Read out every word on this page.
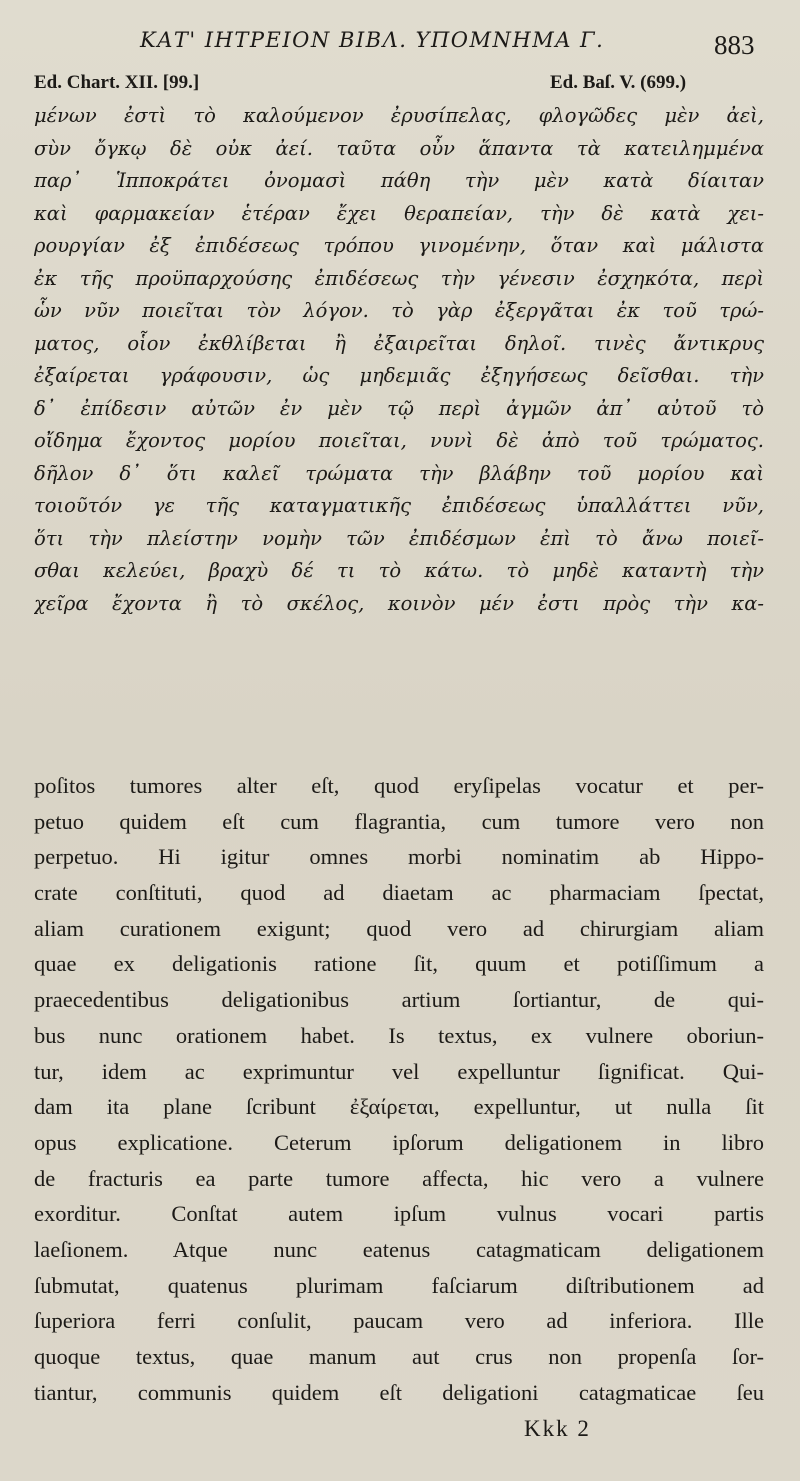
ΚΑΤ' ΙΗΤΡΕΙΟΝ ΒΙΒΛ. ΥΠΟΜΝΗΜΑ Γ.	883
Ed. Chart. XII. [99.]	Ed. Baſ. V. (699.)
μένων ἐστὶ τὸ καλούμενον ἐρυσίπελας, φλογῶδες μὲν ἀεὶ,
σὺν ὄγκῳ δὲ οὐκ ἀεί. ταῦτα οὖν ἅπαντα τὰ κατειλημμένα
παρ᾽ Ἱπποκράτει ὀνομασὶ πάθη τὴν μὲν κατὰ δίαιταν
καὶ φαρμακείαν ἑτέραν ἔχει θεραπείαν, τὴν δὲ κατὰ χει-
ρουργίαν ἐξ ἐπιδέσεως τρόπου γινομένην, ὅταν καὶ μάλιστα
ἐκ τῆς προϋπαρχούσης ἐπιδέσεως τὴν γένεσιν ἐσχηκότα, περὶ
ὧν νῦν ποιεῖται τὸν λόγον. τὸ γὰρ ἐξεργᾶται ἐκ τοῦ τρώ-
ματος, οἷον ἐκθλίβεται ἢ ἐξαιρεῖται δηλοῖ. τινὲς ἄντικρυς
ἐξαίρεται γράφουσιν, ὡς μηδεμιᾶς ἐξηγήσεως δεῖσθαι. τὴν
δ᾽ ἐπίδεσιν αὐτῶν ἐν μὲν τῷ περὶ ἀγμῶν ἀπ᾽ αὐτοῦ τὸ
οἴδημα ἔχοντος μορίου ποιεῖται, νυνὶ δὲ ἀπὸ τοῦ τρώματος.
δῆλον δ᾽ ὅτι καλεῖ τρώματα τὴν βλάβην τοῦ μορίου καὶ
τοιοῦτόν γε τῆς καταγματικῆς ἐπιδέσεως ὑπαλλάττει νῦν,
ὅτι τὴν πλείστην νομὴν τῶν ἐπιδέσμων ἐπὶ τὸ ἄνω ποιεῖ-
σθαι κελεύει, βραχὺ δέ τι τὸ κάτω. τὸ μηδὲ καταντὴ τὴν
χεῖρα ἔχοντα ἢ τὸ σκέλος, κοινὸν μέν ἐστι πρὸς τὴν κα-
poſitos tumores alter eſt, quod eryſipelas vocatur et per-
petuo quidem eſt cum flagrantia, cum tumore vero non
perpetuo. Hi igitur omnes morbi nominatim ab Hippo-
crate conſtituti, quod ad diaetam ac pharmaciam ſpectat,
aliam curationem exigunt; quod vero ad chirurgiam aliam
quae ex deligationis ratione ſit, quum et potiſſimum a
praecedentibus deligationibus artium ſortiantur, de qui-
bus nunc orationem habet. Is textus, ex vulnere oboriun-
tur, idem ac exprimuntur vel expelluntur ſignificat. Qui-
dam ita plane ſcribunt ἐξαίρεται, expelluntur, ut nulla ſit
opus explicatione. Ceterum ipſorum deligationem in libro
de fracturis ea parte tumore affecta, hic vero a vulnere
exorditur. Conſtat autem ipſum vulnus vocari partis
laeſionem. Atque nunc eatenus catagmaticam deligationem
ſubmutat, quatenus plurimam faſciarum diſtributionem ad
ſuperiora ferri conſulit, paucam vero ad inferiora. Ille
quoque textus, quae manum aut crus non propenſa ſor-
tiantur, communis quidem eſt deligationi catagmaticae ſeu
Kkk 2
